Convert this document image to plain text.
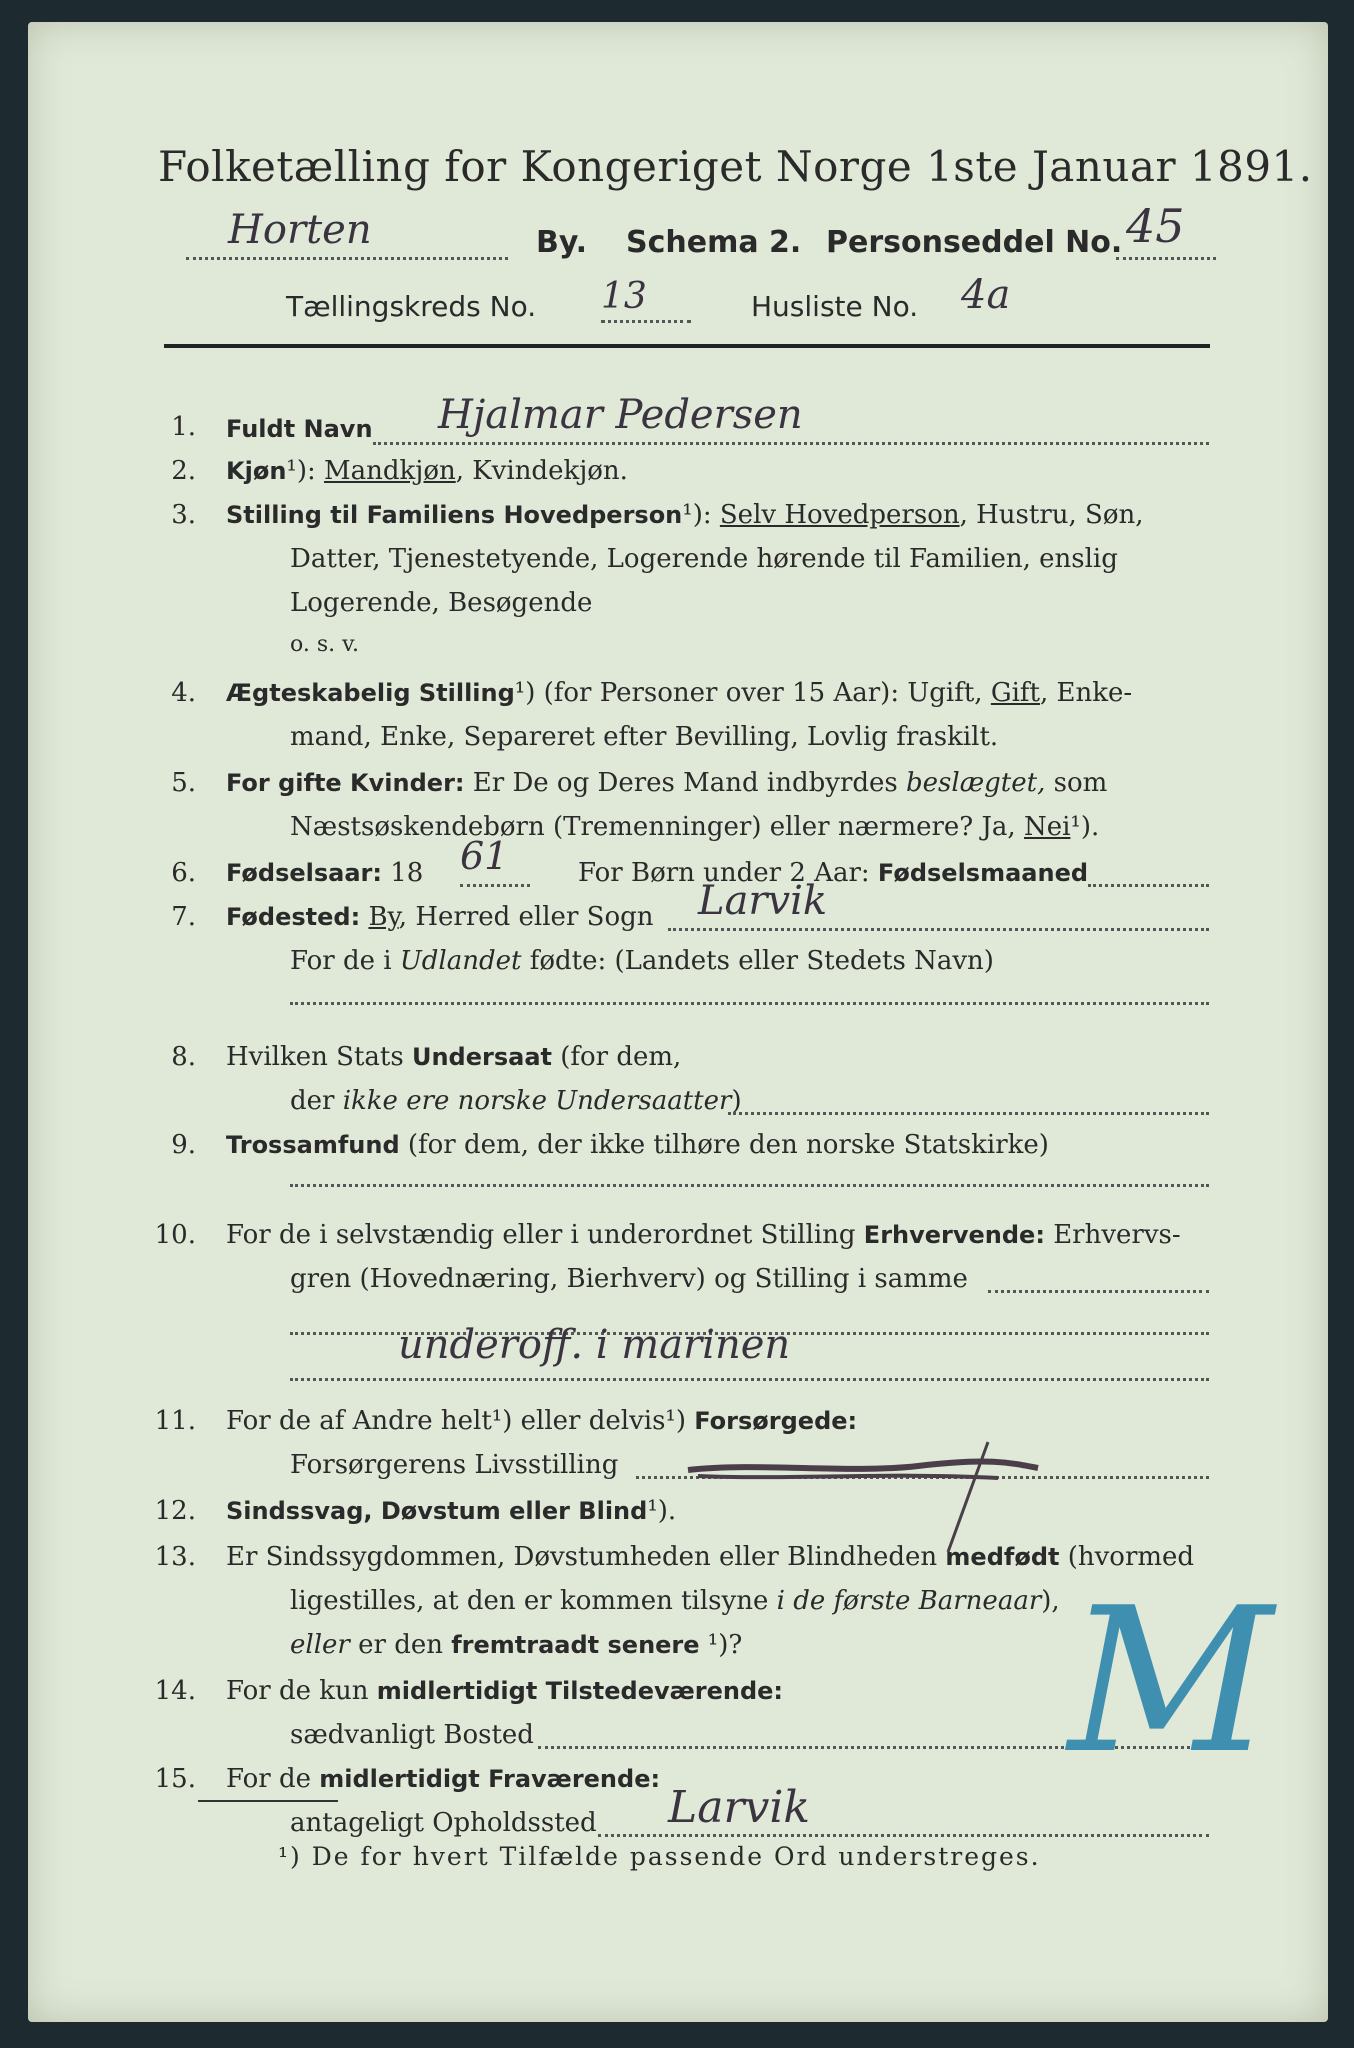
Folketælling for Kongeriget Norge 1ste Januar 1891.
Horten	By. Schema 2. Personseddel No. 45
Tællingskreds No. 13	Husliste No. 4a
1. Fuldt Navn Hjalmar Pedersen
2. Kjøn¹): Mandkjøn, Kvindekjøn.
3. Stilling til Familiens Hovedperson¹): Selv Hovedperson, Hustru, Søn,
Datter, Tjenestetyende, Logerende hørende til Familien, enslig
Logerende, Besøgende
o. s. v.
4. Ægteskabelig Stilling¹) (for Personer over 15 Aar): Ugift, Gift, Enke-
mand, Enke, Separeret efter Bevilling, Lovlig fraskilt.
5. For gifte Kvinder: Er De og Deres Mand indbyrdes beslægtet, som
Næstsøskendebørn (Tremenninger) eller nærmere? Ja, Nei¹).
6. Fødselsaar: 18 61	For Børn under 2 Aar: Fødselsmaaned
7. Fødested: By, Herred eller Sogn Larvik
For de i Udlandet fødte: (Landets eller Stedets Navn)
8. Hvilken Stats Undersaat (for dem,
der ikke ere norske Undersaatter)
9. Trossamfund (for dem, der ikke tilhøre den norske Statskirke)
10. For de i selvstændig eller i underordnet Stilling Erhvervende: Erhvervs-
gren (Hovednæring, Bierhverv) og Stilling i samme
underoff. i marinen
11. For de af Andre helt¹) eller delvis¹) Forsørgede:
Forsørgerens Livsstilling
12. Sindssvag, Døvstum eller Blind¹).
13. Er Sindssygdommen, Døvstumheden eller Blindheden medfødt (hvormed
ligestilles, at den er kommen tilsyne i de første Barneaar),
eller er den fremtraadt senere ¹)?
14. For de kun midlertidigt Tilstedeværende:
sædvanligt Bosted
15. For de midlertidigt Fraværende:
antageligt Opholdssted Larvik
M
¹) De for hvert Tilfælde passende Ord understreges.
